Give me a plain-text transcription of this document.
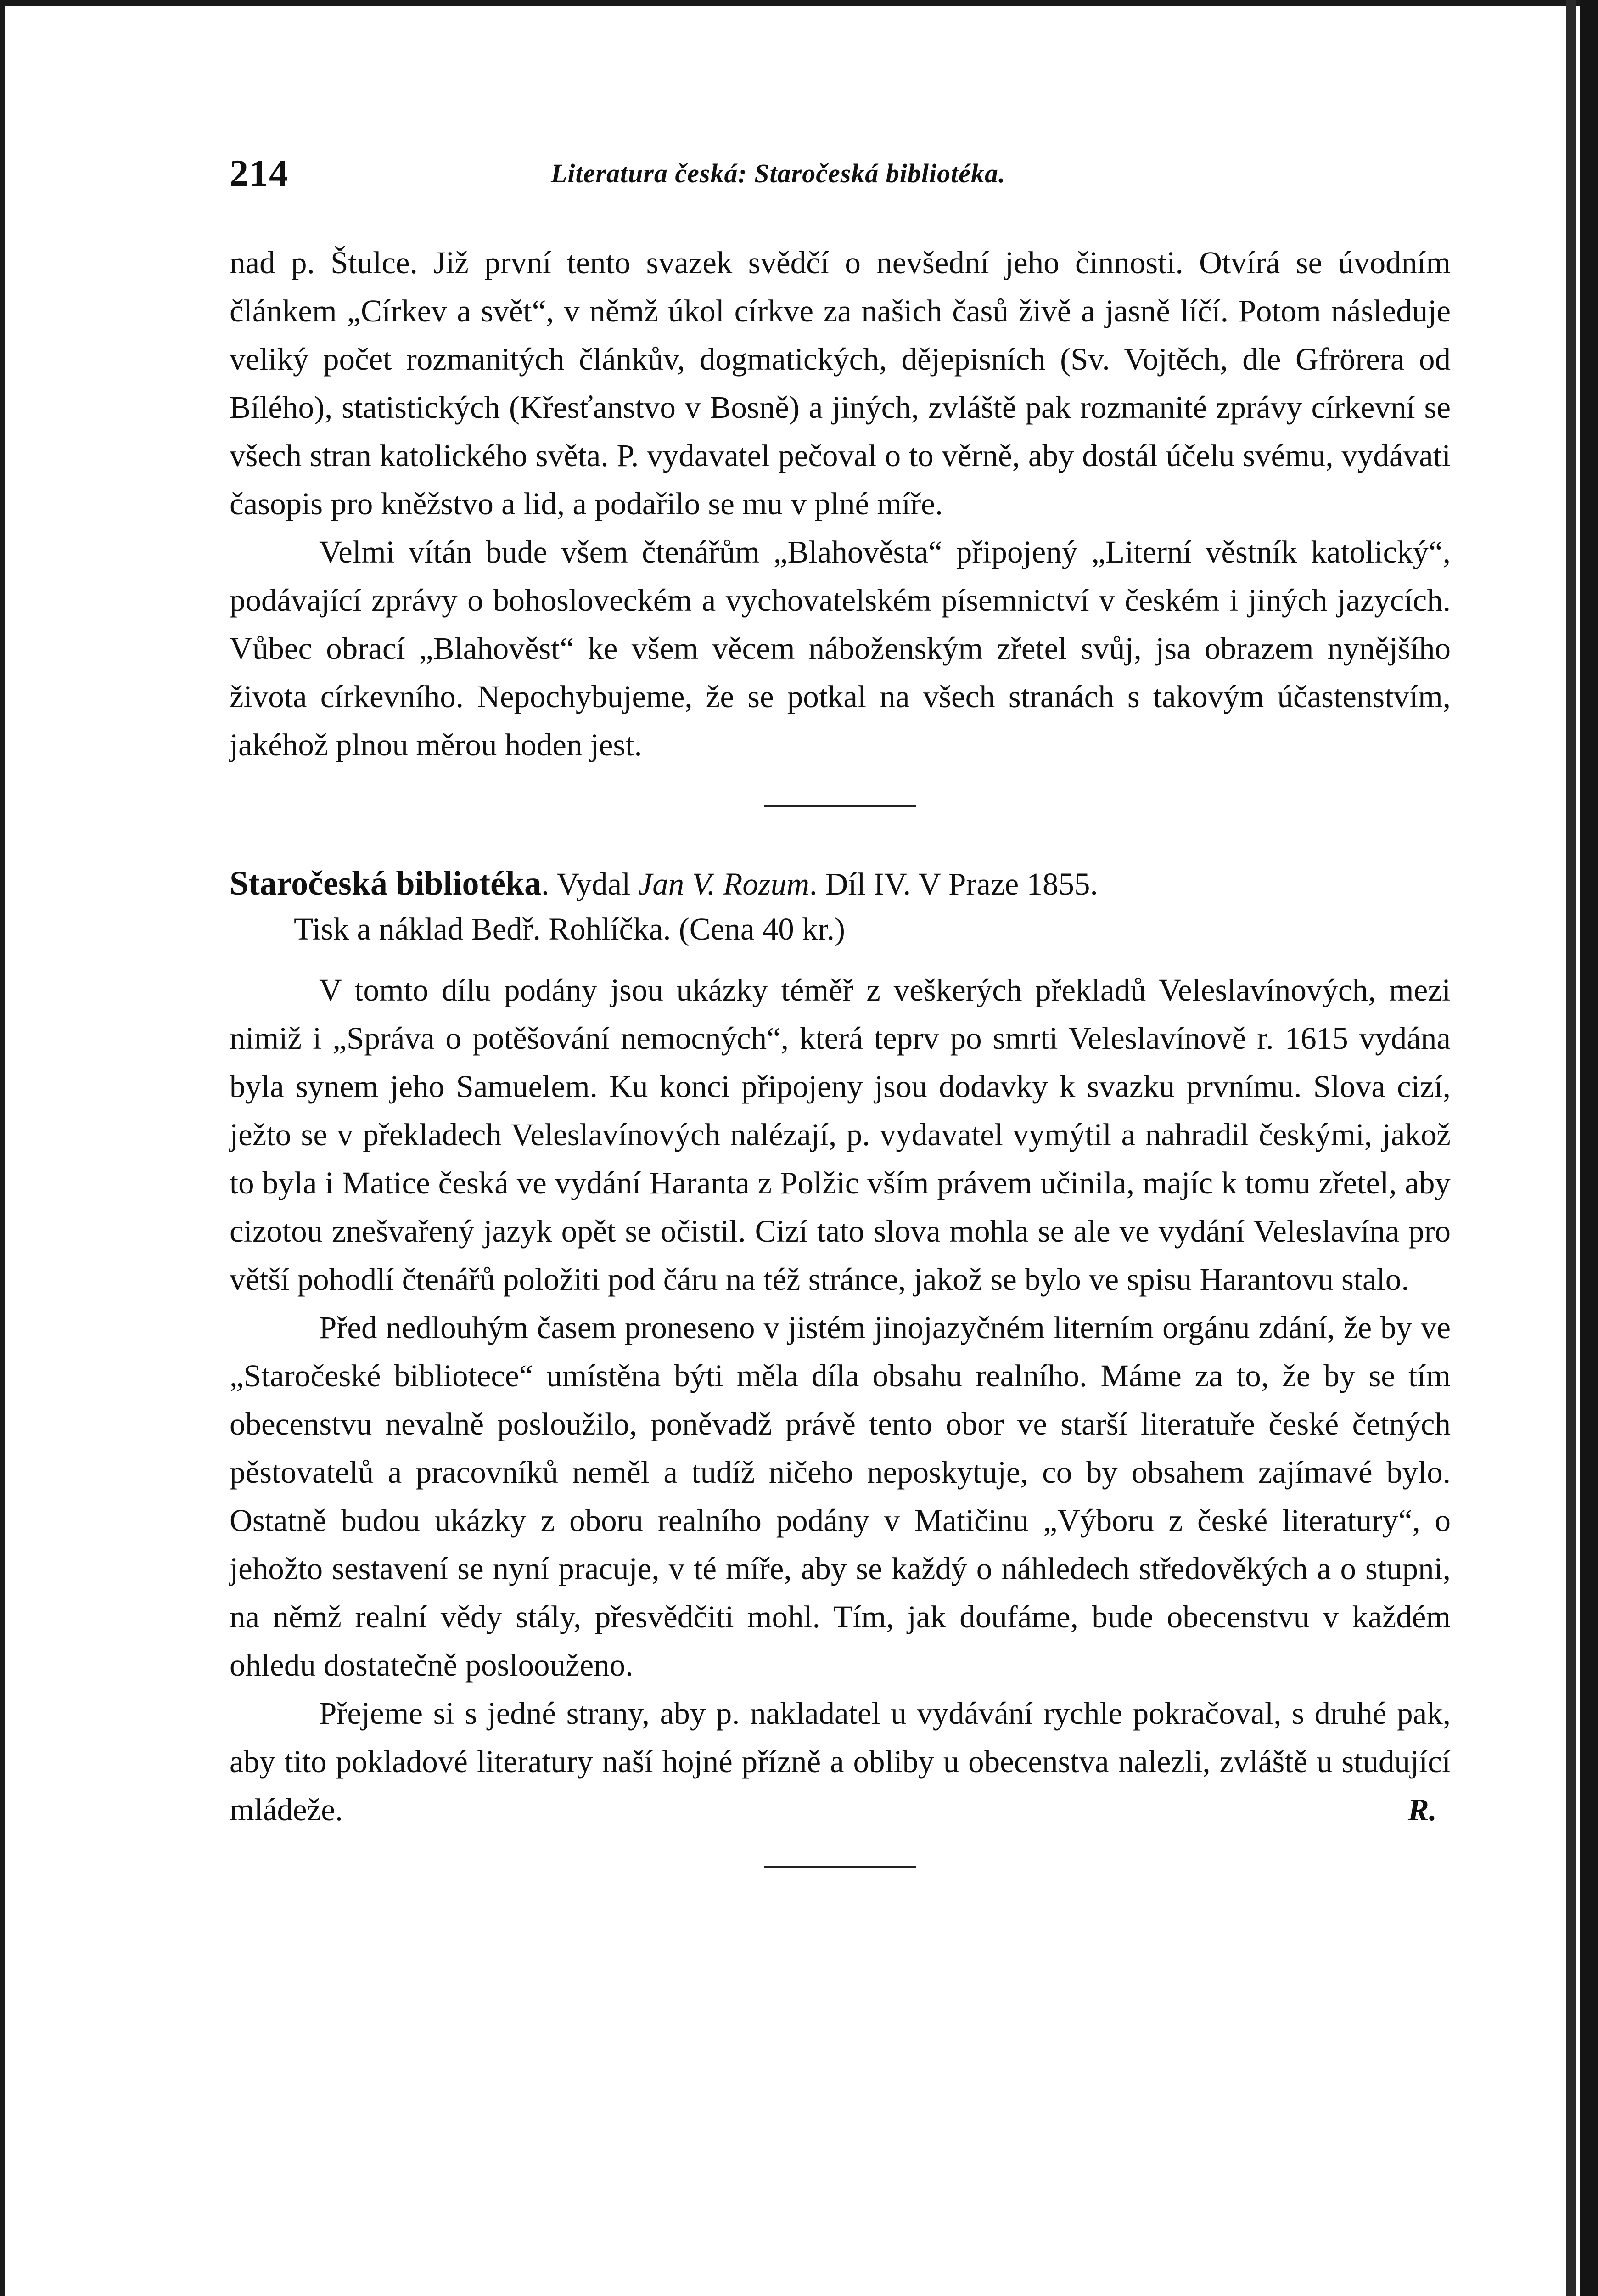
214	Literatura česká: Staročeská bibliotéka.

nad p. Štulce. Již první tento svazek svědčí o nevšední jeho činnosti. Otvírá se úvodním článkem „Církev a svět“, v němž úkol církve za našich časů živě a jasně líčí. Potom následuje veliký počet rozmanitých článkův, dogmatických, dějepisních (Sv. Vojtěch, dle Gfrörera od Bílého), statistických (Křesťanstvo v Bosně) a jiných, zvláště pak rozmanité zprávy církevní se všech stran katolického světa. P. vydavatel pečoval o to věrně, aby dostál účelu svému, vydávati časopis pro kněžstvo a lid, a podařilo se mu v plné míře.

Velmi vítán bude všem čtenářům „Blahověsta“ připojený „Literní věstník katolický“, podávající zprávy o bohosloveckém a vychovatelském písemnictví v českém i jiných jazycích. Vůbec obrací „Blahověst“ ke všem věcem náboženským zřetel svůj, jsa obrazem nynějšího života církevního. Nepochybujeme, že se potkal na všech stranách s takovým účastenstvím, jakéhož plnou měrou hoden jest.

Staročeská bibliotéka. Vydal Jan V. Rozum. Díl IV. V Praze 1855.
Tisk a náklad Bedř. Rohlíčka. (Cena 40 kr.)

V tomto dílu podány jsou ukázky téměř z veškerých překladů Veleslavínových, mezi nimiž i „Správa o potěšování nemocných“, která teprv po smrti Veleslavínově r. 1615 vydána byla synem jeho Samuelem. Ku konci připojeny jsou dodavky k svazku prvnímu. Slova cizí, ježto se v překladech Veleslavínových nalézají, p. vydavatel vymýtil a nahradil českými, jakož to byla i Matice česká ve vydání Haranta z Polžic vším právem učinila, majíc k tomu zřetel, aby cizotou znešvařený jazyk opět se očistil. Cizí tato slova mohla se ale ve vydání Veleslavína pro větší pohodlí čtenářů položiti pod čáru na též stránce, jakož se bylo ve spisu Harantovu stalo.

Před nedlouhým časem proneseno v jistém jinojazyčném literním orgánu zdání, že by ve „Staročeské bibliotece“ umístěna býti měla díla obsahu realního. Máme za to, že by se tím obecenstvu nevalně posloužilo, poněvadž právě tento obor ve starší literatuře české četných pěstovatelů a pracovníků neměl a tudíž ničeho neposkytuje, co by obsahem zajímavé bylo. Ostatně budou ukázky z oboru realního podány v Matičinu „Výboru z české literatury“, o jehožto sestavení se nyní pracuje, v té míře, aby se každý o náhledech středověkých a o stupni, na němž realní vědy stály, přesvědčiti mohl. Tím, jak doufáme, bude obecenstvu v každém ohledu dostatečně posloouženo.

Přejeme si s jedné strany, aby p. nakladatel u vydávání rychle pokračoval, s druhé pak, aby tito pokladové literatury naší hojné přízně a obliby u obecenstva nalezli, zvláště u studující mládeže.	R.
